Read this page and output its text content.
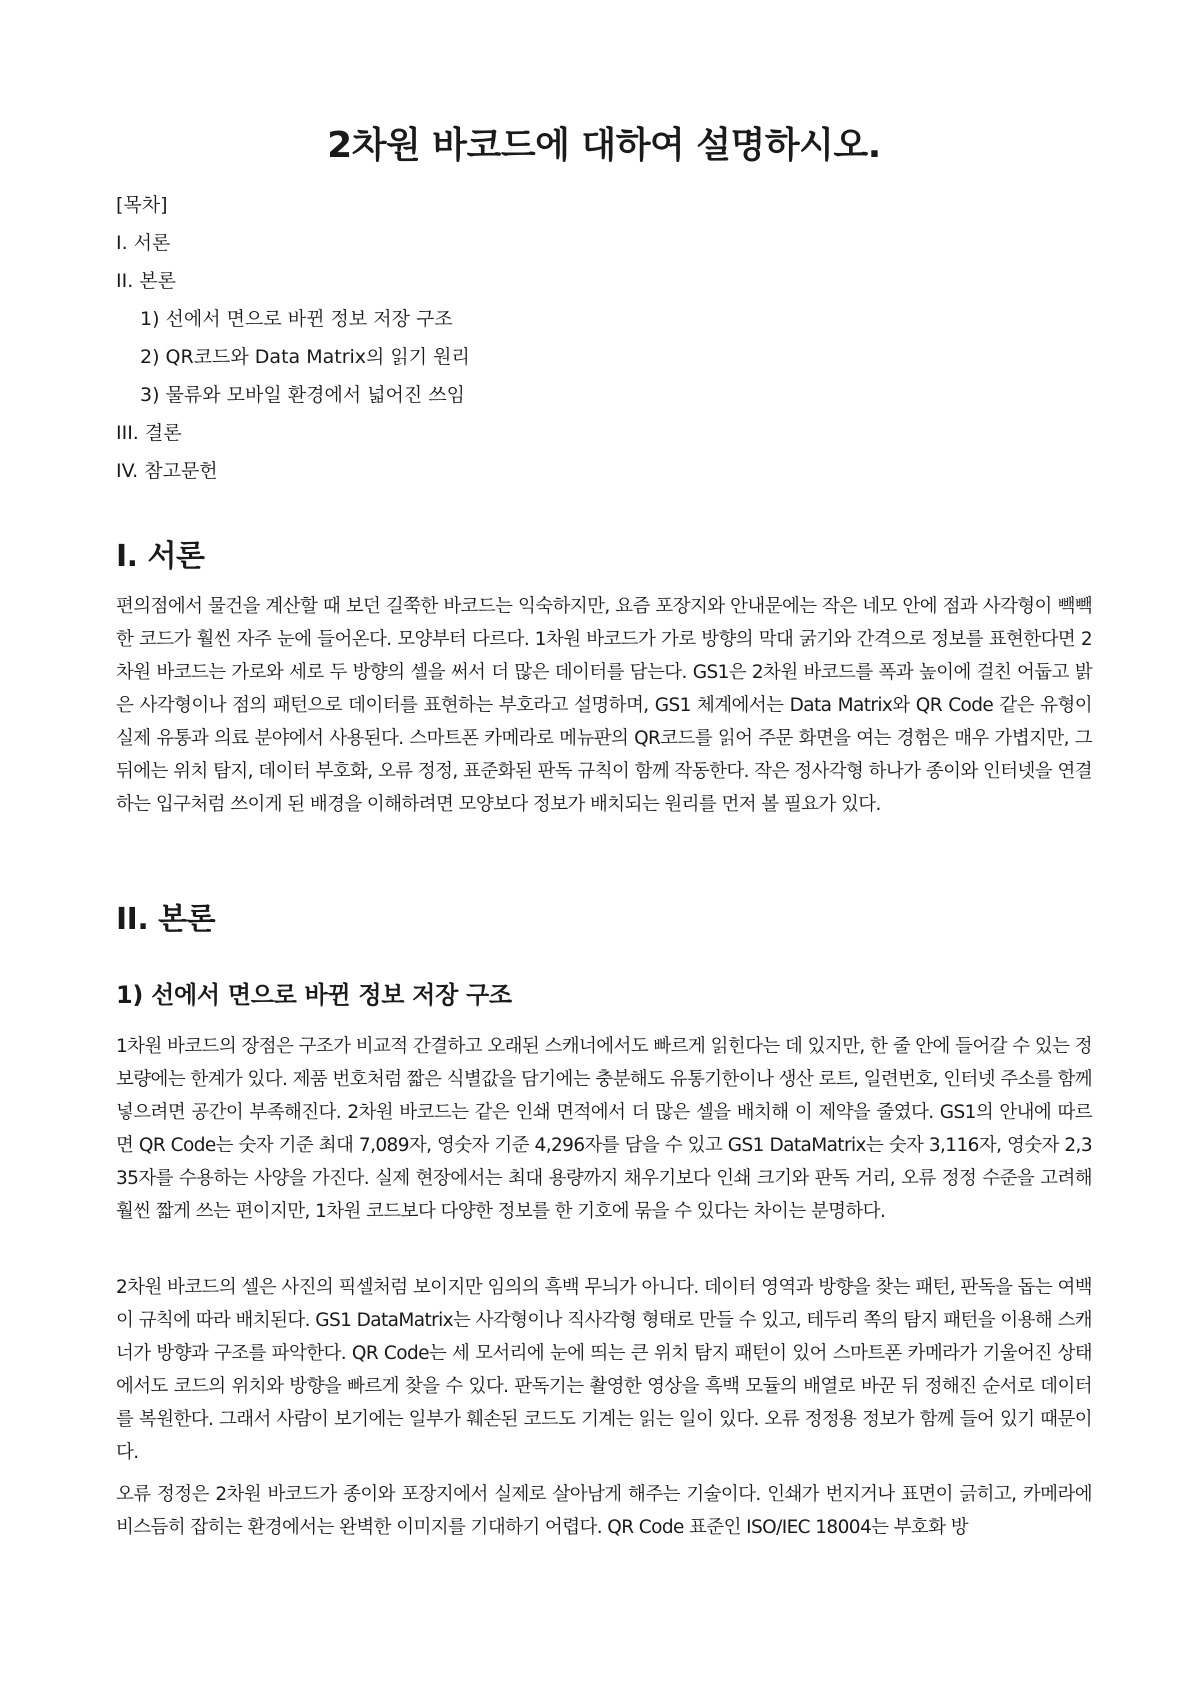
2차원 바코드에 대하여 설명하시오.
[목차]
I. 서론
II. 본론
1) 선에서 면으로 바뀐 정보 저장 구조
2) QR코드와 Data Matrix의 읽기 원리
3) 물류와 모바일 환경에서 넓어진 쓰임
III. 결론
IV. 참고문헌
I. 서론

편의점에서 물건을 계산할 때 보던 길쭉한 바코드는 익숙하지만, 요즘 포장지와 안내문에는 작은 네모 안에 점과 사각형이 빽빽한 코드가 훨씬 자주 눈에 들어온다. 모양부터 다르다. 1차원 바코드가 가로 방향의 막대 굵기와 간격으로 정보를 표현한다면 2차원 바코드는 가로와 세로 두 방향의 셀을 써서 더 많은 데이터를 담는다. GS1은 2차원 바코드를 폭과 높이에 걸친 어둡고 밝은 사각형이나 점의 패턴으로 데이터를 표현하는 부호라고 설명하며, GS1 체계에서는 Data Matrix와 QR Code 같은 유형이 실제 유통과 의료 분야에서 사용된다. 스마트폰 카메라로 메뉴판의 QR코드를 읽어 주문 화면을 여는 경험은 매우 가볍지만, 그 뒤에는 위치 탐지, 데이터 부호화, 오류 정정, 표준화된 판독 규칙이 함께 작동한다. 작은 정사각형 하나가 종이와 인터넷을 연결하는 입구처럼 쓰이게 된 배경을 이해하려면 모양보다 정보가 배치되는 원리를 먼저 볼 필요가 있다.

II. 본론
1) 선에서 면으로 바뀐 정보 저장 구조

1차원 바코드의 장점은 구조가 비교적 간결하고 오래된 스캐너에서도 빠르게 읽힌다는 데 있지만, 한 줄 안에 들어갈 수 있는 정보량에는 한계가 있다. 제품 번호처럼 짧은 식별값을 담기에는 충분해도 유통기한이나 생산 로트, 일련번호, 인터넷 주소를 함께 넣으려면 공간이 부족해진다. 2차원 바코드는 같은 인쇄 면적에서 더 많은 셀을 배치해 이 제약을 줄였다. GS1의 안내에 따르면 QR Code는 숫자 기준 최대 7,089자, 영숫자 기준 4,296자를 담을 수 있고 GS1 DataMatrix는 숫자 3,116자, 영숫자 2,335자를 수용하는 사양을 가진다. 실제 현장에서는 최대 용량까지 채우기보다 인쇄 크기와 판독 거리, 오류 정정 수준을 고려해 훨씬 짧게 쓰는 편이지만, 1차원 코드보다 다양한 정보를 한 기호에 묶을 수 있다는 차이는 분명하다.

2차원 바코드의 셀은 사진의 픽셀처럼 보이지만 임의의 흑백 무늬가 아니다. 데이터 영역과 방향을 찾는 패턴, 판독을 돕는 여백이 규칙에 따라 배치된다. GS1 DataMatrix는 사각형이나 직사각형 형태로 만들 수 있고, 테두리 쪽의 탐지 패턴을 이용해 스캐너가 방향과 구조를 파악한다. QR Code는 세 모서리에 눈에 띄는 큰 위치 탐지 패턴이 있어 스마트폰 카메라가 기울어진 상태에서도 코드의 위치와 방향을 빠르게 찾을 수 있다. 판독기는 촬영한 영상을 흑백 모듈의 배열로 바꾼 뒤 정해진 순서로 데이터를 복원한다. 그래서 사람이 보기에는 일부가 훼손된 코드도 기계는 읽는 일이 있다. 오류 정정용 정보가 함께 들어 있기 때문이다.

오류 정정은 2차원 바코드가 종이와 포장지에서 실제로 살아남게 해주는 기술이다. 인쇄가 번지거나 표면이 긁히고, 카메라에 비스듬히 잡히는 환경에서는 완벽한 이미지를 기대하기 어렵다. QR Code 표준인 ISO/IEC 18004는 부호화 방
